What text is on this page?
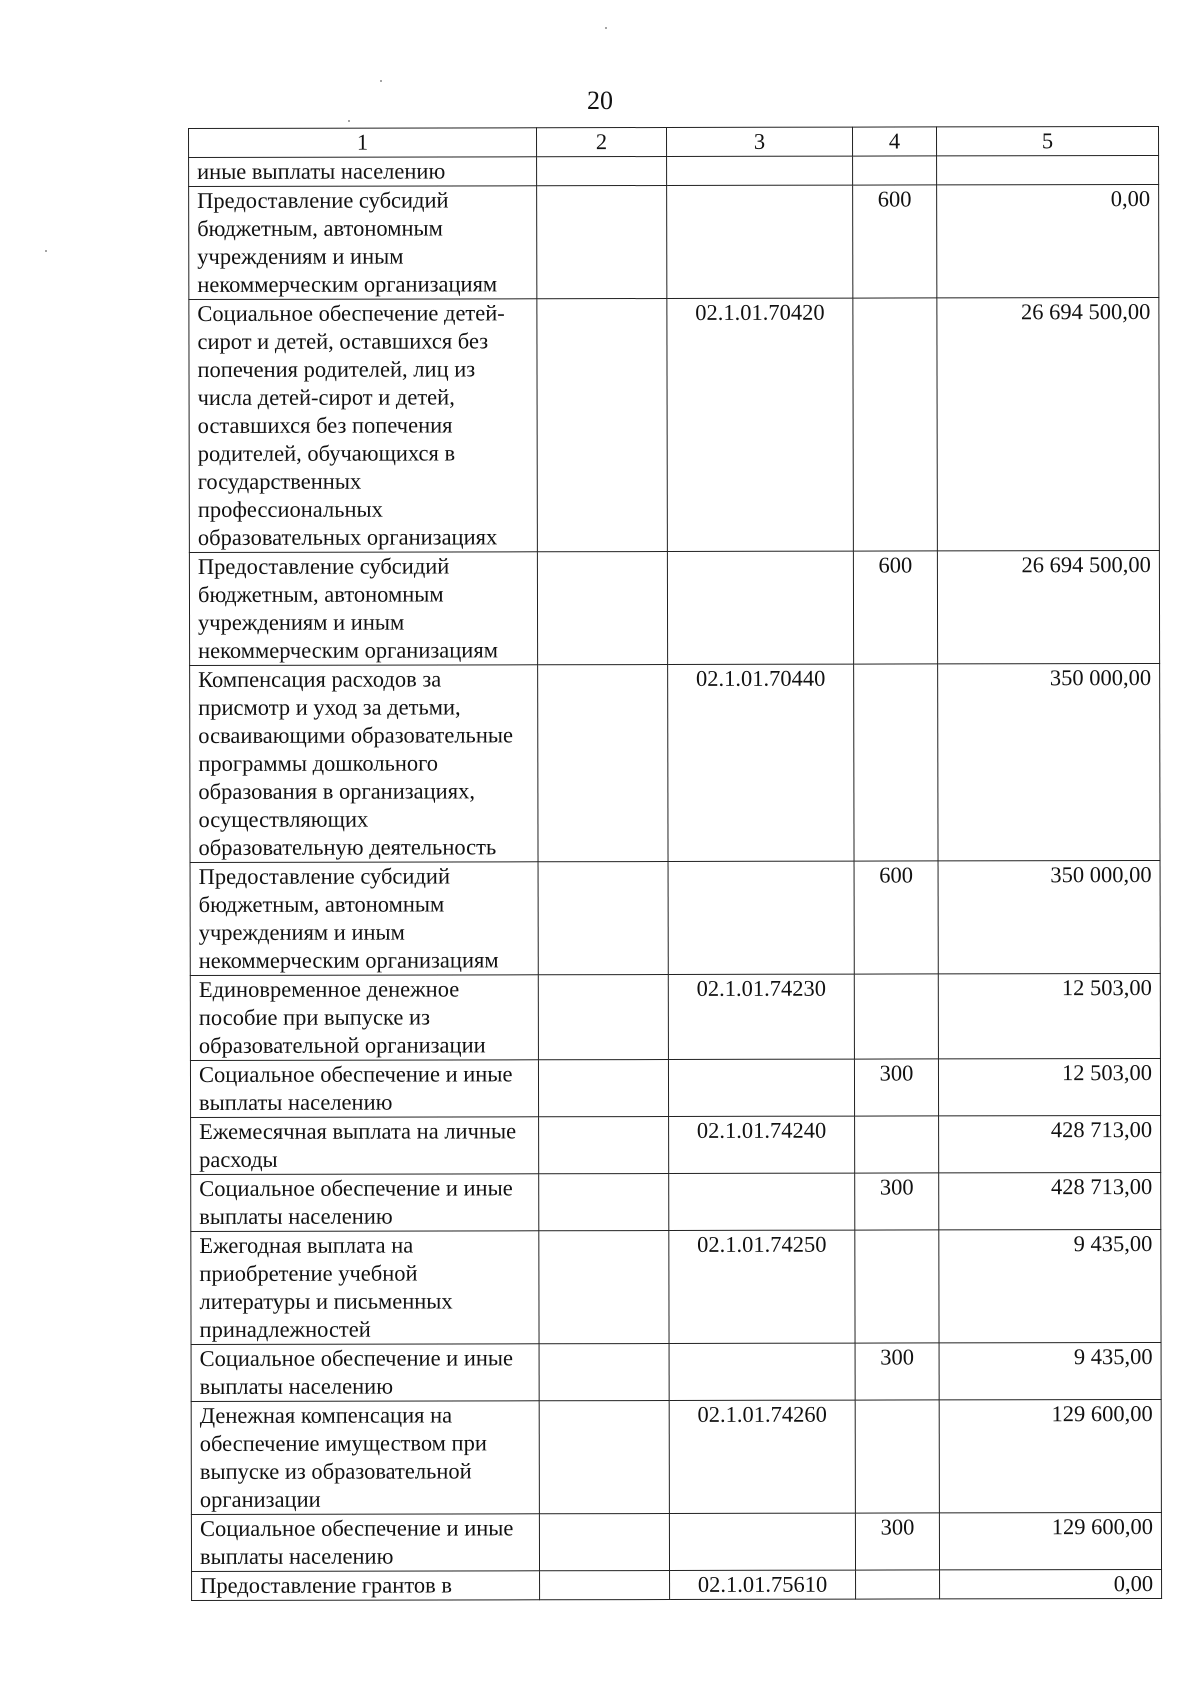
20
1	2	3	4	5
иные выплаты населению				
Предоставление субсидий бюджетным, автономным учреждениям и иным некоммерческим организациям			600	0,00
Социальное обеспечение детей-сирот и детей, оставшихся без попечения родителей, лиц из числа детей-сирот и детей, оставшихся без попечения родителей, обучающихся в государственных профессиональных образовательных организациях		02.1.01.70420		26 694 500,00
Предоставление субсидий бюджетным, автономным учреждениям и иным некоммерческим организациям			600	26 694 500,00
Компенсация расходов за присмотр и уход за детьми, осваивающими образовательные программы дошкольного образования в организациях, осуществляющих образовательную деятельность		02.1.01.70440		350 000,00
Предоставление субсидий бюджетным, автономным учреждениям и иным некоммерческим организациям			600	350 000,00
Единовременное денежное пособие при выпуске из образовательной организации		02.1.01.74230		12 503,00
Социальное обеспечение и иные выплаты населению			300	12 503,00
Ежемесячная выплата на личные расходы		02.1.01.74240		428 713,00
Социальное обеспечение и иные выплаты населению			300	428 713,00
Ежегодная выплата на приобретение учебной литературы и письменных принадлежностей		02.1.01.74250		9 435,00
Социальное обеспечение и иные выплаты населению			300	9 435,00
Денежная компенсация на обеспечение имуществом при выпуске из образовательной организации		02.1.01.74260		129 600,00
Социальное обеспечение и иные выплаты населению			300	129 600,00
Предоставление грантов в		02.1.01.75610		0,00
